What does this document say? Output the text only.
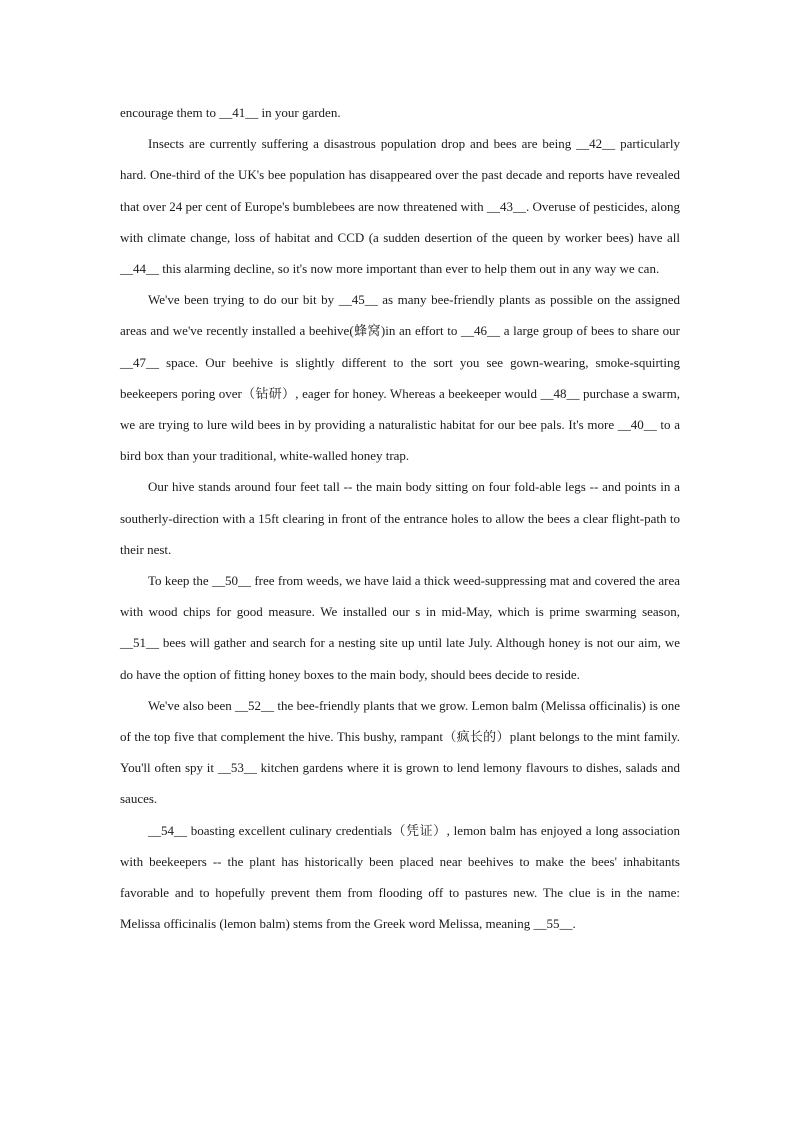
encourage them to __41__ in your garden.

Insects are currently suffering a disastrous population drop and bees are being __42__ particularly hard. One-third of the UK's bee population has disappeared over the past decade and reports have revealed that over 24 per cent of Europe's bumblebees are now threatened with __43__. Overuse of pesticides, along with climate change, loss of habitat and CCD (a sudden desertion of the queen by worker bees) have all __44__ this alarming decline, so it's now more important than ever to help them out in any way we can.

We've been trying to do our bit by __45__ as many bee-friendly plants as possible on the assigned areas and we've recently installed a beehive(蜂窝)in an effort to __46__ a large group of bees to share our __47__ space. Our beehive is slightly different to the sort you see gown-wearing, smoke-squirting beekeepers poring over（钻研）, eager for honey. Whereas a beekeeper would __48__ purchase a swarm, we are trying to lure wild bees in by providing a naturalistic habitat for our bee pals. It's more __40__ to a bird box than your traditional, white-walled honey trap.

Our hive stands around four feet tall -- the main body sitting on four fold-able legs -- and points in a southerly-direction with a 15ft clearing in front of the entrance holes to allow the bees a clear flight-path to their nest.

To keep the __50__ free from weeds, we have laid a thick weed-suppressing mat and covered the area with wood chips for good measure. We installed our s in mid-May, which is prime swarming season, __51__ bees will gather and search for a nesting site up until late July. Although honey is not our aim, we do have the option of fitting honey boxes to the main body, should bees decide to reside.

We've also been __52__ the bee-friendly plants that we grow. Lemon balm (Melissa officinalis) is one of the top five that complement the hive. This bushy, rampant（疯长的）plant belongs to the mint family. You'll often spy it __53__ kitchen gardens where it is grown to lend lemony flavours to dishes, salads and sauces.

__54__ boasting excellent culinary credentials（凭证）, lemon balm has enjoyed a long association with beekeepers -- the plant has historically been placed near beehives to make the bees' inhabitants favorable and to hopefully prevent them from flooding off to pastures new. The clue is in the name: Melissa officinalis (lemon balm) stems from the Greek word Melissa, meaning __55__.
